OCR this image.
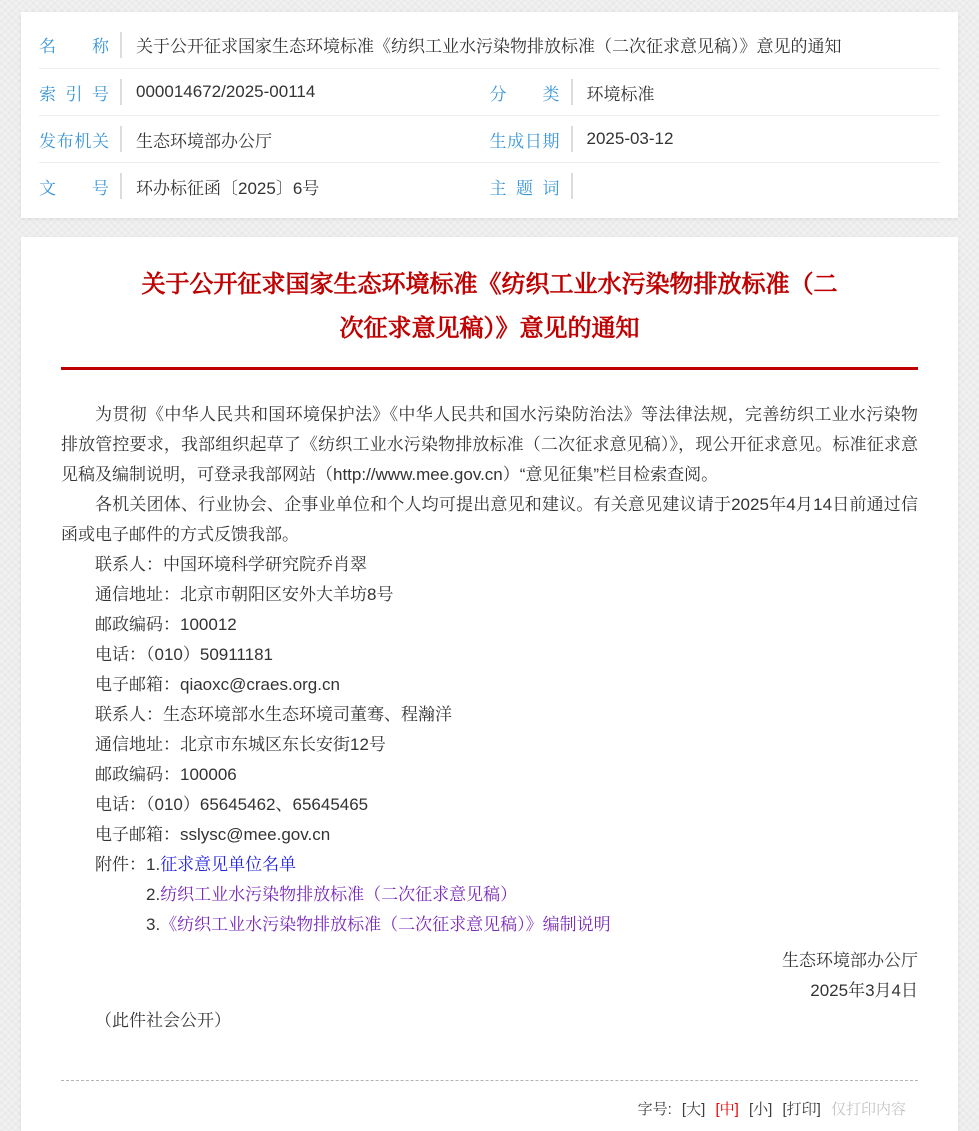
名称 关于公开征求国家生态环境标准《纺织工业水污染物排放标准（二次征求意见稿）》意见的通知
索引号 000014672/2025-00114	分类 环境标准
发布机关 生态环境部办公厅	生成日期 2025-03-12
文号 环办标征函〔2025〕6号	主题词
关于公开征求国家生态环境标准《纺织工业水污染物排放标准（二次征求意见稿）》意见的通知

为贯彻《中华人民共和国环境保护法》《中华人民共和国水污染防治法》等法律法规，完善纺织工业水污染物排放管控要求，我部组织起草了《纺织工业水污染物排放标准（二次征求意见稿）》，现公开征求意见。标准征求意见稿及编制说明，可登录我部网站（http://www.mee.gov.cn）“意见征集”栏目检索查阅。

各机关团体、行业协会、企事业单位和个人均可提出意见和建议。有关意见建议请于2025年4月14日前通过信函或电子邮件的方式反馈我部。

联系人：中国环境科学研究院乔肖翠
通信地址：北京市朝阳区安外大羊坊8号
邮政编码：100012
电话：（010）50911181
电子邮箱：qiaoxc@craes.org.cn
联系人：生态环境部水生态环境司董骞、程瀚洋
通信地址：北京市东城区东长安街12号
邮政编码：100006
电话：（010）65645462、65645465
电子邮箱：sslysc@mee.gov.cn
附件：1.征求意见单位名单
2.纺织工业水污染物排放标准（二次征求意见稿）
3.《纺织工业水污染物排放标准（二次征求意见稿）》编制说明
生态环境部办公厅
2025年3月4日
（此件社会公开）
字号: [大] [中] [小] [打印] 仅打印内容
